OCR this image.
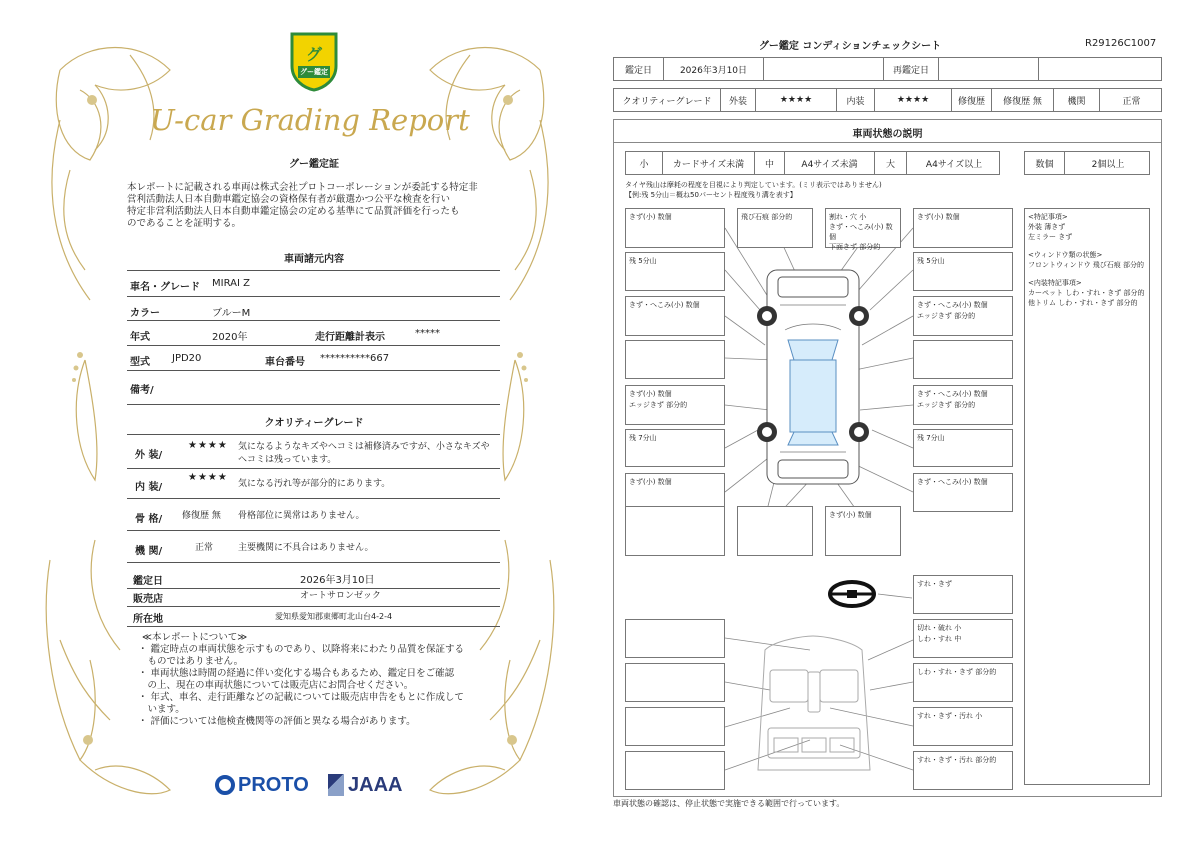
グ
グー鑑定
U-car Grading Report
グー鑑定証
本レポートに記載される車両は株式会社プロトコーポレーションが委託する特定非
営利活動法人日本自動車鑑定協会の資格保有者が厳選かつ公平な検査を行い
特定非営利活動法人日本自動車鑑定協会の定める基準にて品質評価を行ったも
のであることを証明する。
車両諸元内容
車名・グレード MIRAI Z
カラー	ブルーM
年式	2020年	走行距離計表示	*****
型式 JPD20	車台番号 **********667
備考/
クオリティーグレード
外 装/
★★★★ 気になるようなキズやヘコミは補修済みですが、小さなキズや
ヘコミは残っています。
内 装/
★★★★
気になる汚れ等が部分的にあります。
骨 格/ 修復歴 無 骨格部位に異常はありません。
機 関/	正常	主要機関に不具合はありません。
鑑定日	2026年3月10日
販売店	オートサロンゼック
所在地	愛知県愛知郡東郷町北山台4-2-4
≪本レポートについて≫
・ 鑑定時点の車両状態を示すものであり、以降将来にわたり品質を保証する
　ものではありません。
・ 車両状態は時間の経過に伴い変化する場合もあるため、鑑定日をご確認
　の上、現在の車両状態については販売店にお問合せください。
・ 年式、車名、走行距離などの記載については販売店申告をもとに作成して
　います。
・ 評価については他検査機関等の評価と異なる場合があります。
PROTO JAAA
グー鑑定 コンディションチェックシート	R29126C1007
鑑定日	2026年3月10日	再鑑定日
クオリティーグレード	外装	★★★★	内装	★★★★	修復歴	修復歴 無	機関	正常
車両状態の説明
小	カードサイズ未満	中	A4サイズ未満	大	A4サイズ以上	数個	2個以上
タイヤ残山は摩耗の程度を目視により判定しています。(ミリ表示ではありません)
【例:残 5分山＝概ね50パーセント程度残り溝を表す】
きず(小) 数個
残 5分山
きず・へこみ(小) 数個
きず(小) 数個
エッジきず 部分的
残 7分山
きず(小) 数個
飛び石痕 部分的	割れ・穴 小
きず・へこみ(小) 数個
下面きず 部分的
きず(小) 数個
残 5分山
きず・へこみ(小) 数個
エッジきず 部分的
きず・へこみ(小) 数個
エッジきず 部分的
残 7分山
きず・へこみ(小) 数個
きず(小) 数個
<特記事項>
外装 薄きず
左ミラー きず
<ウィンドウ類の状態>
フロントウィンドウ 飛び石痕 部分的
<内装特記事項>
カーペット しわ・すれ・きず 部分的
他トリム しわ・すれ・きず 部分的
すれ・きず
切れ・破れ 小
しわ・すれ 中
しわ・すれ・きず 部分的
すれ・きず・汚れ 小
すれ・きず・汚れ 部分的
車両状態の確認は、停止状態で実施できる範囲で行っています。
